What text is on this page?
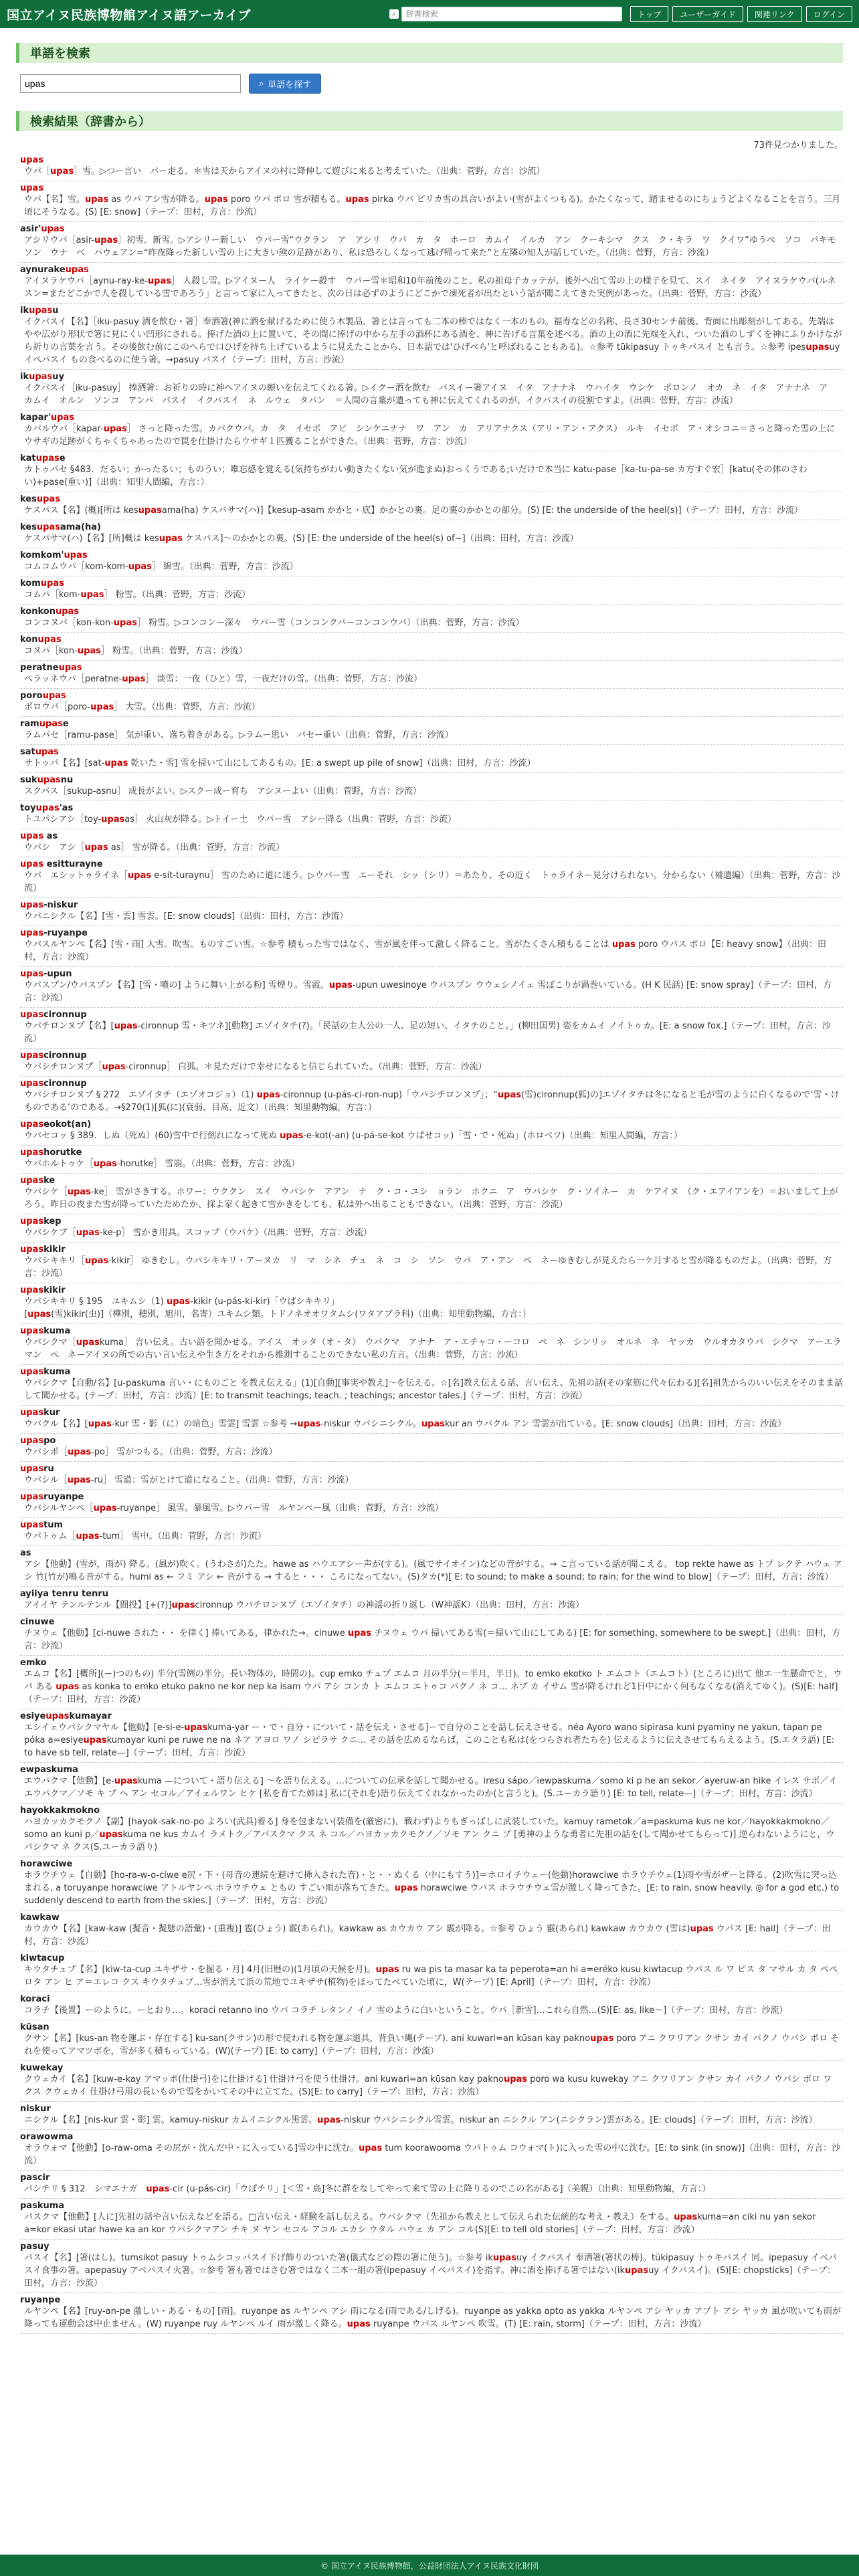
国立アイヌ民族博物館アイヌ語アーカイブ	⌕
辞書検索	トップ	ユーザーガイド	関連リンク	ログイン
単語を検索
upas
⌕ 単語を探す
検索結果（辞書から）
73件見つかりました。
upas
ウパ［upas］雪。▷つー言い　パー走る。＊雪は天からアイヌの村に降伸して遊びに来ると考えていた。（出典：菅野，方言：沙流）
upas
ウパ【名】雪。upas as ウパ アシ雪が降る。upas poro ウパ ポロ 雪が積もる。upas pirka ウパ ピリカ雪の具合いがよい(雪がよくつもる)。かたくなって、踏ませるのにちょうどよくなることを言う。三月頃にそうなる。(S) [E: snow]（テープ：田村，方言：沙流）
asir'upas
アシリウパ［asir-upas］初雪。新雪。▷アシリー新しい　ウパー雪“ウクラン　ア　アシリ　ウパ　カ　タ　ホーロ　カムイ　イルカ　アン　クーキシマ　クス　ク・キラ　ワ　クイワ”ゆうべ　ソコ　パキモ　ソン　ウナ　ベ　ハウェアン=“昨夜降った新しい雪の上に大きい熊の足跡があり、私は恐ろしくなって逃げ帰って来た”と左隣の知人が話していた。（出典：菅野，方言：沙流）
aynurakeupas
アイヌラケウパ［aynu-ray-ke-upas］ 人殺し雪。▷アイヌー人　ライケー殺す　ウパー雪＊昭和10年前後のこと、私の祖母子カッテが、後外へ出て雪の上の様子を見て、スイ　ネイタ　アイヌラケウパ(ルネスン=またどこかで人を殺している雪であろう」と言って家に入ってきたと、次の日は必ずのようにどこかで凍死者が出たという話が聞こえてきた実例があった。（出典：菅野，方言：沙流）
ikupasu
イクパスイ【名】［iku-pasuy 酒を飲む・箸］奉酒箸(神に酒を献げるために使う木製品、箸とは言っても二本の棒ではなく一本のもの。福寿などの名称、長さ30センチ前後、背面に出彫刻がしてある。先端はやや広がり形状で箸に見にくい凹形にされる。捧げた酒の上に置いて、その間に捧げの中から左手の酒杯にある酒を、神に告げる言葉を述べる。酒の上の酒に先端を入れ、ついた酒のしずくを神にふりかけながら祈りの言葉を言う。その後飲む前にこのへらで口ひげを持ち上げているように見えたことから、日本語では'ひげべら'と呼ばれることもある)。☆参考 tūkipasuy トゥキパスイ とも言う。☆参考 ipesupasuy イペパスイ もの食べるのに使う箸。→pasuy パスイ（テープ：田村，方言：沙流）
ikupasuy
イクパスイ［iku-pasuy］ 捧酒箸：お祈りの時に神へアイヌの願いを伝えてくれる箸。▷イクー酒を飲む　パスイー箸アイヌ　イタ　アナナネ　ウハイタ　ウシケ　ポロンノ　オカ　ネ　イタ　アナナネ　ア　カムイ　オルン　ソンコ　アンパ　パスイ　イクパスイ　ネ　ルウェ　タパン　＝人間の言葉が遺っても神に伝えてくれるのが、イクパスイの役割ですよ。（出典：菅野，方言：沙流）
kapar'upas
カパルウパ［kapar-upas］ さっと降った雪。カパクウパ。カ　タ　イセポ　アピ　シンケニナナ　ワ　アン　カ　アリアナクス（アリ・アン・アクス）　ルキ　イセポ　ア・オシコニ＝さっと降った雪の上にウサギの足跡がくちゃくちゃあったので罠を仕掛けたらウサギ１匹獲ることができた。（出典：菅野，方言：沙流）
katupase
カトゥパセ §483．だるい；かったるい；ものうい；唯忘感を覚える(気持ちがわい動きたくない気が進まぬ)おっくうである;いだけで本当に katu-pase［ka-tu-pa-se カ方すぐ宏］[katu(その体のさわい)+pase(重い)]（出典：知里人間編，方言：）
kesupas
ケスパス【名】(概)[所は kesupasama(ha) ケスパサマ(ハ)]【kesup-asam かかと・底】かかとの裏。足の裏のかかとの部分。(S) [E: the underside of the heel(s)]（テープ：田村，方言：沙流）
kesupasama(ha)
ケスパサマ(ハ)【名】[所]概は kesupas ケスパス]～のかかとの裏。(S) [E: the underside of the heel(s) of~]（出典：田村，方言：沙流）
komkom'upas
コムコムウパ［kom-kom-upas］ 綿雪。（出典：菅野，方言：沙流）
komupas
コムパ［kom-upas］ 粉雪。（出典：菅野，方言：沙流）
konkonupas
コンコヌパ［kon-kon-upas］ 粉雪。▷コンコンー深々　ウパー雪（コンコンクパーコンコンウパ）（出典：菅野，方言：沙流）
konupas
コヌパ［kon-upas］ 粉雪。（出典：菅野，方言：沙流）
peratneupas
ペラッネウパ［peratne-upas］ 淡雪：一夜（ひと）雪，一夜だけの雪。（出典：菅野，方言：沙流）
poroupas
ポロウパ［poro-upas］ 大雪。（出典：菅野，方言：沙流）
ramupase
ラムパセ［ramu-pase］ 気が重い、落ち着きがある。▷ラムー思い　パセー重い（出典：菅野，方言：沙流）
satupas
サトゥパ【名】[sat-upas 乾いた・雪] 雪を掃いて山にしてあるもの。[E: a swept up pile of snow]（出典：田村，方言：沙流）
sukupasnu
スクパス［sukup-asnu］ 成長がよい。▷スクー成ー育ち　アシヌーよい（出典：菅野，方言：沙流）
toyupas'as
トユパシアシ［toy-upasas］ 火山灰が降る。▷トイー土　ウパー雪　アシー降る（出典：菅野，方言：沙流）
upas as
ウパシ　アシ［upas as］ 雪が降る。（出典：菅野，方言：沙流）
upas esitturayne
ウパ　エシットゥライネ［upas e-sit-turaynu］ 雪のために道に迷う。▷ウパー雪　エーそれ　シッ（シリ）＝あたり、その近く　トゥライネー見分けられない。分からない（補遺編）（出典：菅野，方言：沙流）
upas-niskur
ウパニシクル【名】[雪・雲] 雪雲。[E: snow clouds]（出典：田村，方言：沙流）
upas-ruyanpe
ウパスルヤンペ【名】[雪・雨] 大雪。吹雪。ものすごい雪。☆参考 積もった雪ではなく、雪が風を伴って激しく降ること。雪がたくさん積もることは upas poro ウパス ポロ【E: heavy snow】（出典：田村，方言：沙流）
upas-upun
ウパスプン/ウパスプン【名】[雪・噴の] ように舞い上がる粉] 雪煙り。雪霞。upas-upun uwesinoye ウパスプン ウウェシノイェ 雪ぼこりが渦巻いている。(H K 民話) [E: snow spray]（テープ：田村，方言：沙流）
upascironnup
ウパチロンヌプ【名】[upas-cironnup 雪・キツネ][動物] エゾイタチ(?)。「民話の主人公の一人、足の短い、イタチのこと。」(柳田国男) 姿をカムイ ノイトゥカ。[E: a snow fox.]（テープ：田村，方言：沙流）
upascironnup
ウパシチロンヌプ［upas-cironnup］ 白狐。＊見ただけで幸せになると信じられていた。（出典：菅野，方言：沙流）
upascironnup
ウパシチロンヌプ § 272　エゾイタチ（エゾオコジョ）（1) upas-cironnup (u-pás-ci-ron-nup)「ウパシチロンヌプ」；“upas(雪)cironnup(狐)の]エゾイタチは冬になると毛が雪のように白くなるので‘雪・けものである’のである。→§270(1)[狐(に)(衰弱、目高、近文）（出典：知里動物編，方言：）
upaseokot(an)
ウパセコッ § 389．しぬ（死ぬ）(60)雪中で行倒れになって死ぬ upas-e-kot(-an) (u-pá-se-kot ウぱせコッ)「雪・で・死ぬ」(ホロベツ)（出典：知里人間編，方言：）
upashorutke
ウパホルトゥケ［upas-horutke］ 雪崩。（出典：菅野，方言：沙流）
upaske
ウパシケ［upas-ke］ 雪がさきする。ホワー：ウククン　スイ　ウパシケ　アアン　ナ　ク・コ・ユシ　ョラン　ホクニ　ア　ウパシケ　ク・ソイネー　カ　ケアイヌ　（ク・エアイアンを）＝おいまして上がろう。昨日の夜また雪が降っていたためたか、採よ家く起きて雪かきをしても、私は外へ出ることもできない。（出典：菅野，方言：沙流）
upaskep
ウパシケブ［upas-ke-p］ 雪かき用具。スコップ（ウパケ）（出典：菅野，方言：沙流）
upaskikir
ウパシキキリ［upas-kikir］ ゆきむし。ウパシキキリ・アーヌカ　リ　マ　シネ　チュ　ネ　コ　シ　ソン　ウパ　ア・アン　ペ　ネーゆきむしが見えたら一ケ月すると雪が降るものだよ。（出典：菅野，方言：沙流）
upaskikir
ウパシキキリ § 195　ユキムシ（1) upas-kikir (u-pás-ki-kir)「ウぱシキキリ」[upas(雪)kikir(虫)]（樺別，穂別，旭川，名寄）ユキムシ類。トドノネオオワタムシ(ワタアブラ科)（出典：知里動物編，方言：）
upaskuma
ウパシクマ［upaskuma］ 言い伝え。古い語を聞かせる。アイス　オッタ（オ・タ）　ウパクマ　アナナ　ア・エチャコ・ーコロ　ペ　ネ　シンリッ　オルネ　ネ　ヤッカ　ウルオカタウパ　シクマ　アーエラマン　ペ　ネーアイヌの所での古い言い伝えや生き方をそれから推測することのできない私の方言。（出典：菅野，方言：沙流）
upaskuma
ウパシクマ【自動/名】[u-paskuma 言い・にものごと を教え伝える」(1)[自動][事実や教え]〜を伝える。☆[名]教え伝える話、言い伝え、先祖の話(その家筋に代々伝わる)[名]祖先からのいい伝えをそのまま話して聞かせる。(テープ：田村，方言：沙流）[E: to transmit teachings; teach. ; teachings; ancestor tales.]（テープ：田村，方言：沙流）
upaskur
ウパクル【名】[upas-kur 雪・影（に）の暗色」雪雲] 雪雲 ☆参考 →upas-niskur ウパシニシクル。upaskur an ウパクル アン 雪雲が出ている。[E: snow clouds]（出典：田村，方言：沙流）
upaspo
ウパシポ［upas-po］ 雪がつもる。（出典：菅野，方言：沙流）
upasru
ウパシル［upas-ru］ 雪道：雪がとけて道になること。（出典：菅野，方言：沙流）
upasruyanpe
ウパシルヤンペ［upas-ruyanpe］ 風雪。暴風雪。▷ウパー雪　ルヤンペー風（出典：菅野，方言：沙流）
upastum
ウパトゥム［upas-tum］ 雪中。（出典：菅野，方言：沙流）
as
アシ【他動】(雪が，雨が) 降る。(風が)吹く。(うわさが)たた。hawe as ハウエアシー声が(する)。(風でサイオイン)などの音がする。→ こ言っている話が聞こえる。 top rekte hawe as トプ レクテ ハウェ アシ 竹(竹が)鳴る音がする。humi as ← フミ アシ ← 音がする → すると・・・ ころになってない。(S)タカ(*)[ E: to sound; to make a sound; to rain; for the wind to blow]（テープ：田村，方言：沙流）
ayiiya tenru tenru
アイイヤ テンルテンル【間投】[+(?)]upascironnup ウパチロンヌプ（エゾイタチ）の神謡の折り返し（W神謡K）（出典：田村，方言：沙流）
cinuwe
チヌウェ【他動】[ci-nuwe された・・ を律く] 捧いてある，律かれた→。cinuwe upas チヌウェ ウパ 掃いてある雪(＝掃いて山にしてある) [E: for something, somewhere to be swept.]（出典：田村，方言：沙流）
emko
エムコ【名】[概所](ー)つのもの) 半分(雪例の半分。長い物体の，時間の)。cup emko チュプ エムコ 月の半分(＝半月，半日)。to emko ekotko ト エムコト（エムコト）(ところに)出て 他エ一生懸命でと，ウパ ある upas as konka to emko etuko pakno ne kor nep ka isam ウパ アシ コンカ ト エムコ エトゥコ パクノ ネ コ… ネプ カ イサム 雪が降るけれど1日中にかく何もなくなる(消えてゆく)。(S)[E: half]（テープ：田村，方言：沙流）
esiyeupaskumayar
エシイェウパシクマヤル【他動】[e-si-e-upaskuma-yar ー・で・自分・について・話を伝え・させる]ーで自分のことを話し伝えさせる。néa Ayoro wano sipirasa kuni pyaminy ne yakun, tapan pe póka a=esiyeupaskumayar kuni pe ruwe ne na ネア アヨロ ワノ シピラサ クニ… その話を広めるならば，このことも私は(をつらされ者たちを) 伝えるように伝えさせてもらえるよう。(S.エタラ語) [E: to have sb tell, relate—]（テープ：田村，方言：沙流）
ewpaskuma
エウパクマ【他動】[e-upaskuma —について・語り伝える] ～を語り伝える。…についての伝承を話して聞かせる。iresu sápo／iewpaskuma／somo ki p he an sekor／ayeruw-an hike イレス サポ／イエウパクマ／ソモ キ プ ヘ アン セコル／アイェルワン ヒケ [私を育てた姉は] 私に(それを)語り伝えてくれなかったのか(と言うと)。(S.ユーカラ語り) [E: to tell, relate—]（テープ：田村，方言：沙流）
hayokkakmokno
ハヨカッカクモクノ【副】[hayok-sak-no-po よろい(武具)着る] 身を包まない(装備を(厳密に)，戦わず)よりもぎっぱしに武装していた。kamuy rametok／a=paskuma kus ne kor／hayokkakmokno／somo an kuni p／upaskuma ne kus カムイ ラメトク／アパスクマ クス ネ コル／ハヨカッカクモクノ／ソモ アン クニ プ [勇神のような勇者に先祖の話を(して聞かせてもらって)] 逆らわないようにと，ウパシクマ ネ クス(S.ユーカラ語り)
horawciwe
ホラウチウェ【自動】[ho-ra-w-o-ciwe e尻・下・(母音の連続を避けて挿入された音)・と・・ぬくる（中にもすう)]＝ホロイチウェー(他動)horawciwe ホラウチウェ(1)雨や雪がザーと降る。(2)吹雪に突っ込まれる, a toruyanpe horawciwe アトルヤンペ ホラウチウェ ともの すごい雨が落ちてきた。upas horawciwe ウパス ホラウチウェ雪が激しく降ってきた。[E: to rain, snow heavily. ◎ for a god etc.) to suddenly descend to earth from the skies.]（テープ：田村，方言：沙流）
kawkaw
カウカウ【名】[kaw-kaw (擬音・擬態の語彙)・(重複)] 雹(ひょう) 霰(あられ)。kawkaw as カウカウ アシ 霰が降る。☆参考 ひょう 霰(あられ) kawkaw カウカウ (雪は)upas ウパス [E: hail]（テープ：田村，方言：沙流）
kiwtacup
キウタチュプ【名】[kiw-ta-cup ユキザサ・を掘る・月] 4月(旧暦の)(1月頃の天候を月)。upas ru wa pis ta masar ka ta peperota=an hi a=eréko kusu kiwtacup ウパス ル ワ ピス タ マサル カ タ ペペロタ アン ヒ ア＝エレコ クス キウタチュプ…雪が消えて浜の荒地でユキザサ(植物)をほってたべていた頃に，W(テープ) [E: April]（テープ：田村，方言：沙流）
koraci
コラチ【後置】ーのように。ーとおり…。koraci retanno ino ウパ コラチ レタンノ イノ 雪のように白いということ。ウパ［新雪]…これら自然…(S)[E: as, like～]（テープ：田村，方言：沙流）
kūsan
クサン【名】[kus-an 物を運ぶ・存在する] ku-san(クサン)の形で使われる物を運ぶ道具，背負い縄(テープ). ani kuwari=an kūsan kay paknoupas poro アニ クワリアン クサン カイ パクノ ウパシ ポロ それを使ってアマツボを，雪が多く積もっている。(W)(テープ) [E: to carry]（テープ：田村，方言：沙流）
kuwekay
クウェカイ【名】[kuw-e-kay アマッポ(仕掛弓)をに仕掛ける] 仕掛け弓を使う仕掛け。ani kuwari=an kūsan kay paknoupas poro wa kusu kuwekay アニ クワリアン クサン カイ パクノ ウパシ ポロ ワ クス クウェカイ 仕掛け弓用の長いもので雪をかいてその中に立てた。(S)[E: to carry]（テープ：田村，方言：沙流）
niskur
ニシクル【名】[nis-kur 雲・影] 雲。kamuy-niskur カムイニシクル黒雲。upas-niskur ウパシニシクル雪雲。niskur an ニシクル アン(ニシクラン)雲がある。[E: clouds]（テープ：田村，方言：沙流）
orawowma
オラウォマ【他動】[o-raw-oma その尻が・沈んだ中・に入っている]雪の中に沈む。upas tum koorawooma ウパトゥム コウォマ(ト)に入った雪の中に沈む。[E: to sink (in snow)]（出典：田村，方言：沙流）
pascir
パシチリ § 312　シマエナガ　upas-cir (u-pás-cir)「ウぱチリ」[＜雪・鳥]冬に群をなしてやって来て雪の上に降りるのでこの名がある]（美幌）（出典：知里動物編，方言：）
paskuma
パスクマ【他動】[人に]先祖の話や言い伝えなどを語る。□言い伝え・経験を話し伝える。ウパシクマ（先祖から教えとして伝えられた伝統的な考え・教え）をする。upaskuma=an ciki nu yan sekor a=kor ekasi utar hawe ka an kor ウパシクマアン チキ ヌ ヤン セコル アコル エカシ ウタル ハウェ カ アン コル(S)[E: to tell old stories]（テープ：田村，方言：沙流）
pasuy
パスイ【名】[箸(はし)。tumsikot pasuy トゥムシコッパスイ下げ飾りのついた箸(儀式などの際の箸に使う)。☆参考 ikupasuy イクパスイ 奉酒箸(箸状の棒)。tūkipasuy トゥキパスイ 同。ipepasuy イペパスイ食事の箸。apepasuy アペパスイ火箸。☆参考 箸も箸ではさむ箸ではなく二本一組の箸(ipepasuy イペパスイ)を指す。神に酒を捧げる箸ではない(ikupasuy イクパスイ)。(S)[E: chopsticks]（テープ：田村，方言：沙流）
ruyanpe
ルヤンペ【名】[ruy-an-pe 激しい・ある・もの] [雨]。ruyanpe as ルヤンペ アシ 雨になる(雨である/しげる)。ruyanpe as yakka apto as yakka ルヤンペ アシ ヤッカ アプト アシ ヤッカ 風が吹いても雨が降っても運動会は中止ません。(W) ruyanpe ruy ルヤンペ ルイ 雨が激しく降る。upas ruyanpe ウパス ルヤンペ 吹雪。(T) [E: rain, storm]（テープ：田村，方言：沙流）
© 国立アイヌ民族博物館，公益財団法人アイヌ民族文化財団
